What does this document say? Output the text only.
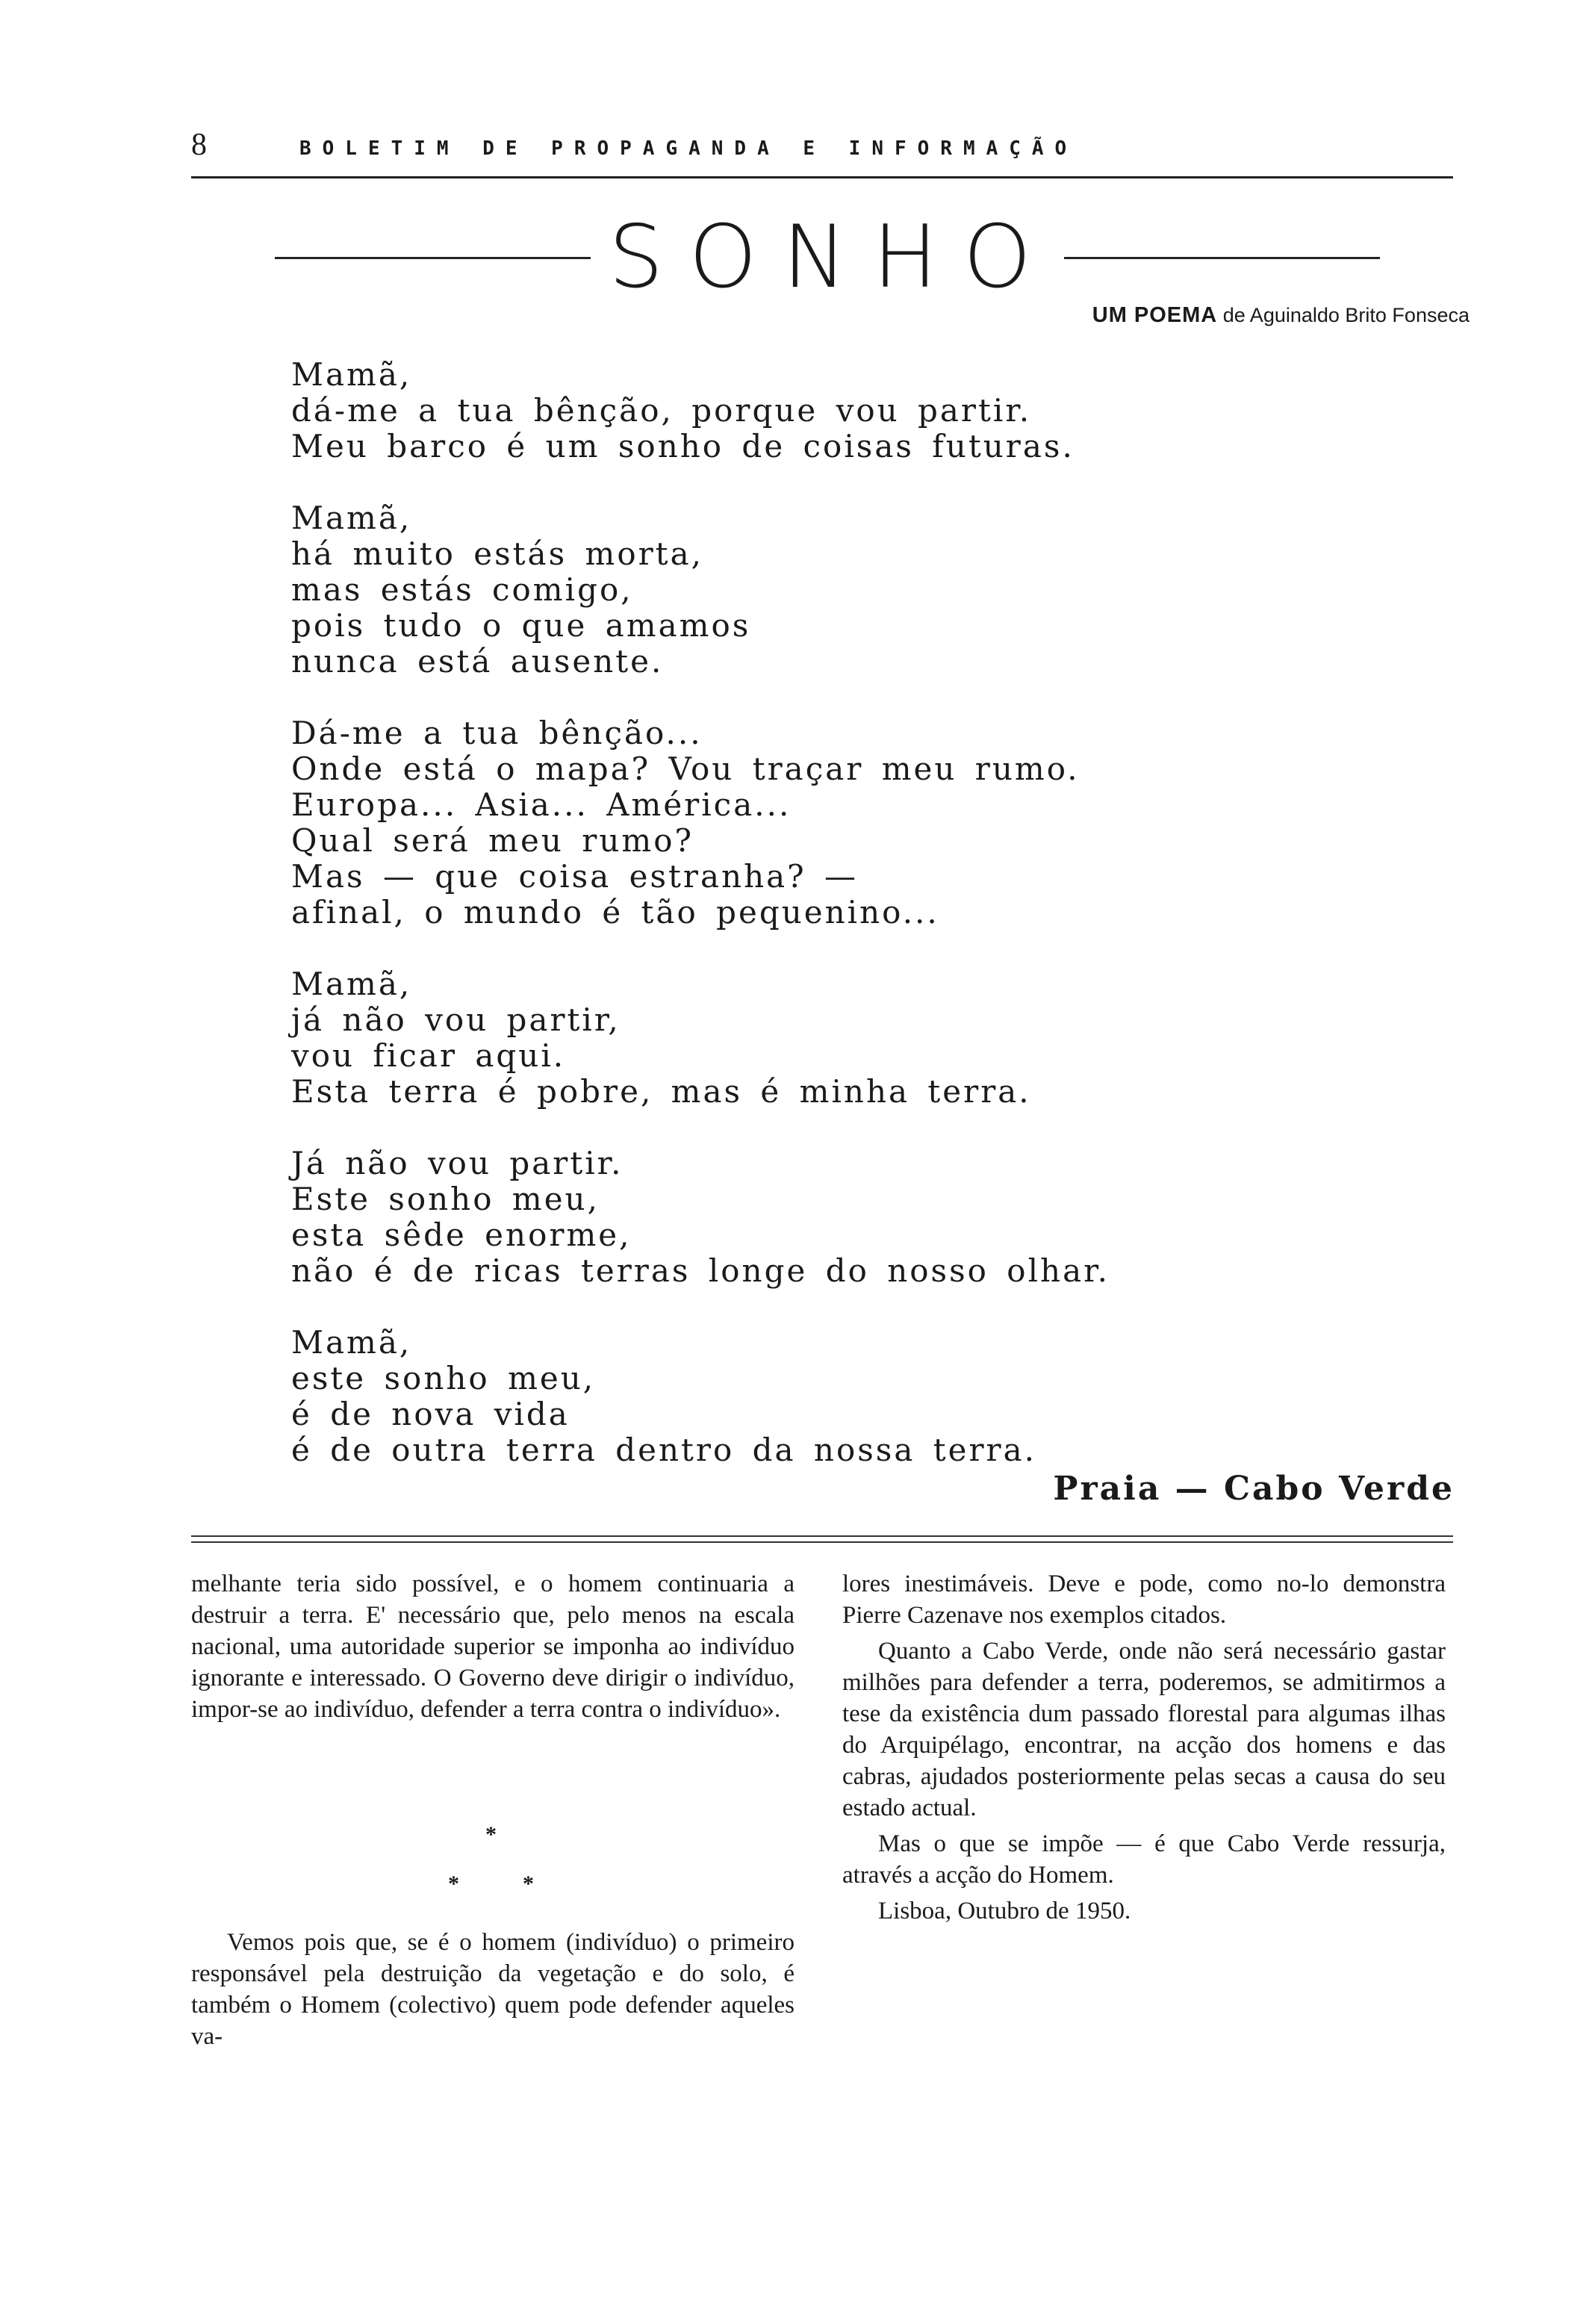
8	BOLETIM DE PROPAGANDA E INFORMAÇÃO
SONHO
UM POEMA de Aguinaldo Brito Fonseca
Mamã,
dá-me a tua bênção, porque vou partir.
Meu barco é um sonho de coisas futuras.
Mamã,
há muito estás morta,
mas estás comigo,
pois tudo o que amamos
nunca está ausente.
Dá-me a tua bênção...
Onde está o mapa? Vou traçar meu rumo.
Europa... Asia... América...
Qual será meu rumo?
Mas — que coisa estranha? —
afinal, o mundo é tão pequenino...
Mamã,
já não vou partir,
vou ficar aqui.
Esta terra é pobre, mas é minha terra.
Já não vou partir.
Este sonho meu,
esta sêde enorme,
não é de ricas terras longe do nosso olhar.
Mamã,
este sonho meu,
é de nova vida
é de outra terra dentro da nossa terra.
Praia — Cabo Verde

melhante teria sido possível, e o homem continuaria a destruir a terra. E' necessário que, pelo menos na escala nacional, uma autoridade superior se imponha ao indivíduo ignorante e interessado. O Governo deve dirigir o indivíduo, impor-se ao indivíduo, defender a terra contra o indivíduo».

*
*	*

Vemos pois que, se é o homem (indivíduo) o primeiro responsável pela destruição da vegetação e do solo, é também o Homem (colectivo) quem pode defender aqueles va-

lores inestimáveis. Deve e pode, como no-lo demonstra Pierre Cazenave nos exemplos citados.

Quanto a Cabo Verde, onde não será necessário gastar milhões para defender a terra, poderemos, se admitirmos a tese da existência dum passado florestal para algumas ilhas do Arquipélago, encontrar, na acção dos homens e das cabras, ajudados posteriormente pelas secas a causa do seu estado actual.

Mas o que se impõe — é que Cabo Verde ressurja, através a acção do Homem.

Lisboa, Outubro de 1950.
